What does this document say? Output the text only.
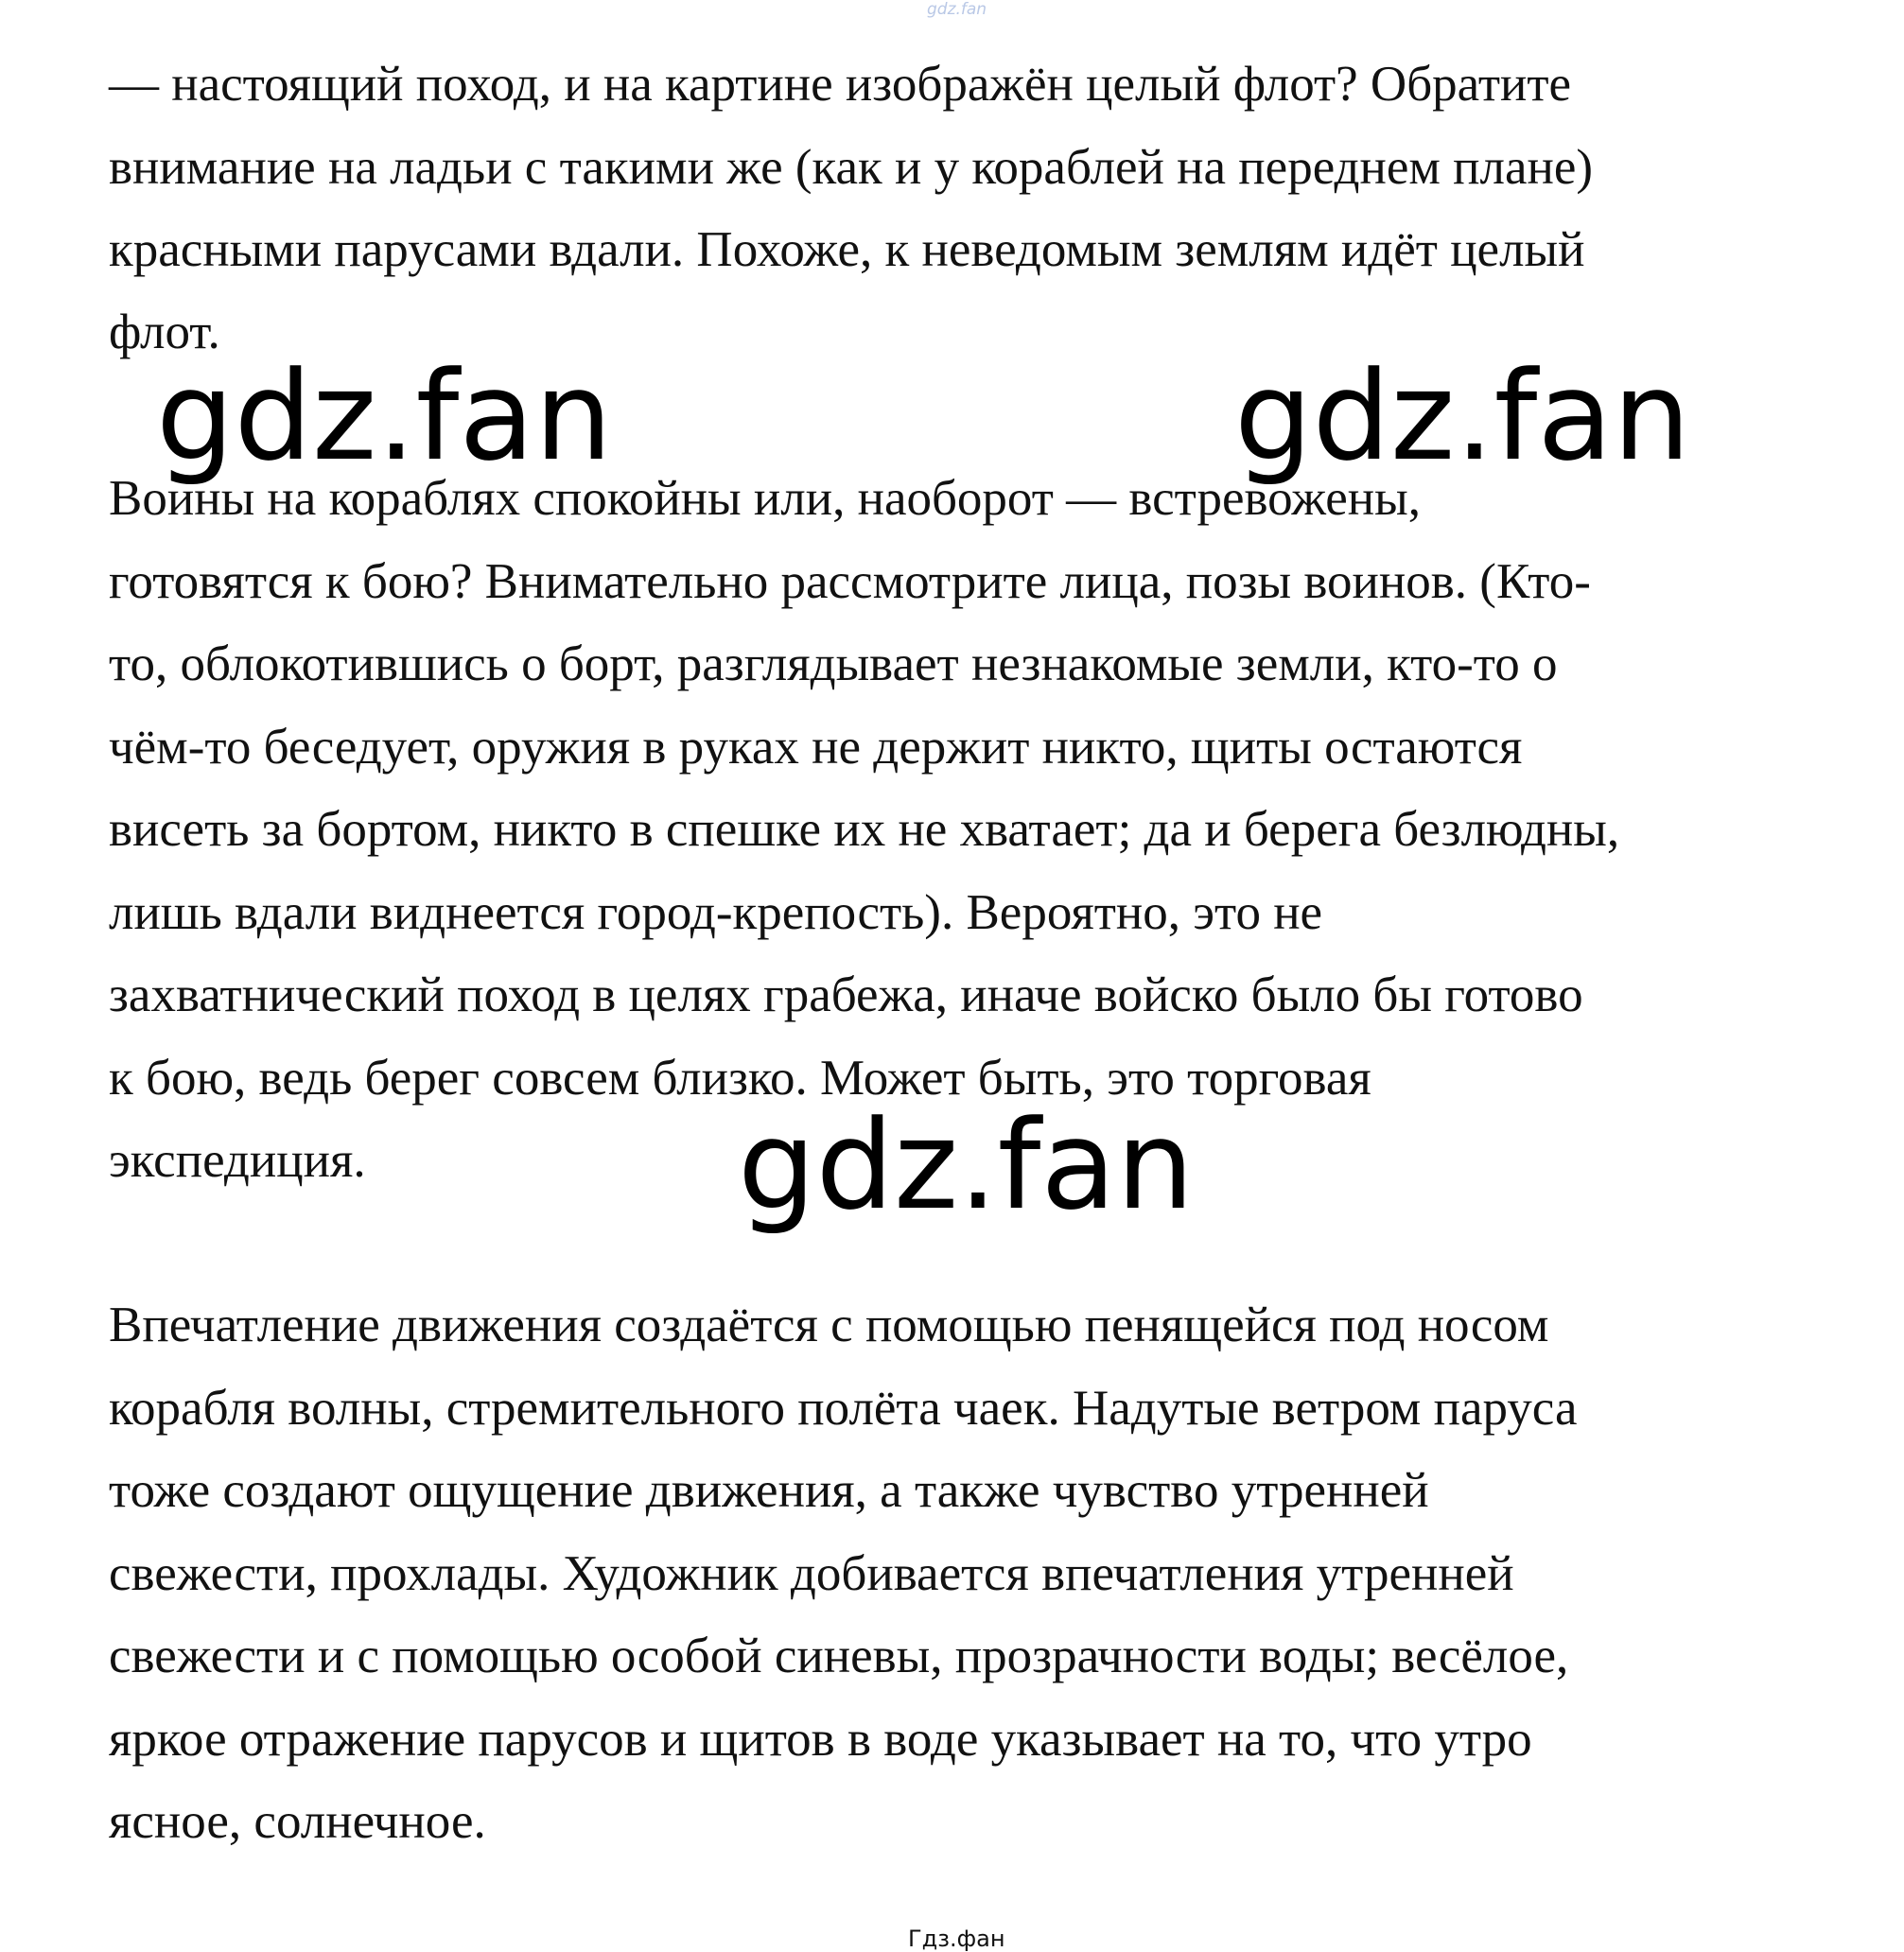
gdz.fan
— настоящий поход, и на картине изображён целый флот? Обратите
внимание на ладьи с такими же (как и у кораблей на переднем плане)
красными парусами вдали. Похоже, к неведомым землям идёт целый
флот.
gdz.fan	gdz.fan
Воины на кораблях спокойны или, наоборот — встревожены,
готовятся к бою? Внимательно рассмотрите лица, позы воинов. (Кто-
то, облокотившись о борт, разглядывает незнакомые земли, кто-то о
чём-то беседует, оружия в руках не держит никто, щиты остаются
висеть за бортом, никто в спешке их не хватает; да и берега безлюдны,
лишь вдали виднеется город-крепость). Вероятно, это не
захватнический поход в целях грабежа, иначе войско было бы готово
к бою, ведь берег совсем близко. Может быть, это торговая
экспедиция.	gdz.fan
Впечатление движения создаётся с помощью пенящейся под носом
корабля волны, стремительного полёта чаек. Надутые ветром паруса
тоже создают ощущение движения, а также чувство утренней
свежести, прохлады. Художник добивается впечатления утренней
свежести и с помощью особой синевы, прозрачности воды; весёлое,
яркое отражение парусов и щитов в воде указывает на то, что утро
ясное, солнечное.
Гдз.фан
